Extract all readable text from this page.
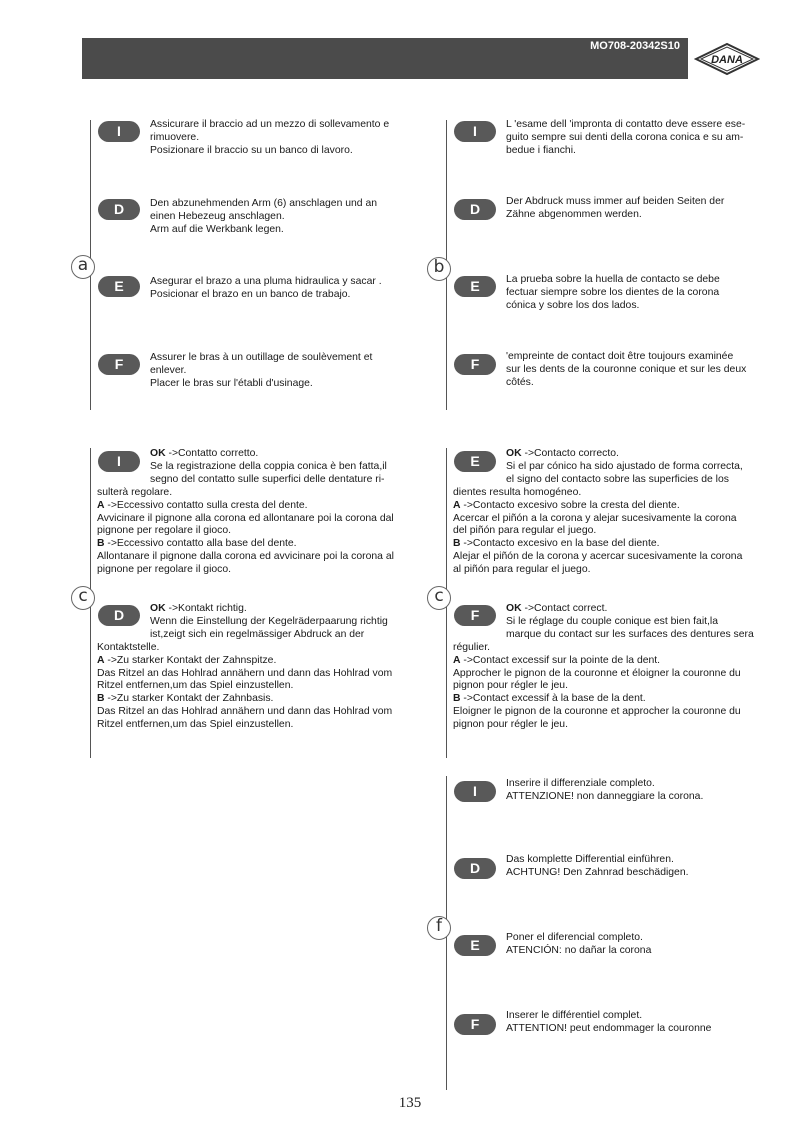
MO708-20342S10
DANA
a	b
c	c
f
I	Assicurare il braccio ad un mezzo di sollevamento e

rimuovere.

Posizionare il braccio su un banco di lavoro.

D	Den abzunehmenden Arm (6) anschlagen und an

einen Hebezeug anschlagen.

Arm auf die Werkbank legen.

E	Asegurar el brazo a una pluma hidraulica y sacar .

Posicionar el brazo en un banco de trabajo.

F	Assurer le bras à un outillage de soulèvement et

enlever.

Placer le bras sur l'établi d'usinage.

I	L 'esame dell 'impronta di contatto deve essere ese-

guito sempre sui denti della corona conica e su am-

bedue i fianchi.

D	Der Abdruck muss immer auf beiden Seiten der

Zähne abgenommen werden.

E	La prueba sobre la huella de contacto se debe

fectuar siempre sobre los dientes de la corona

cónica y sobre los dos lados.

F	'empreinte de contact doit être toujours examinée

sur les dents de la couronne conique et sur les deux

côtés.

I	OK ->Contatto corretto.

Se la registrazione della coppia conica è ben fatta,il

segno del contatto sulle superfici delle dentature ri-

sulterà regolare.

A ->Eccessivo contatto sulla cresta del dente.

Avvicinare il pignone alla corona ed allontanare poi la corona dal

pignone per regolare il gioco.

B ->Eccessivo contatto alla base del dente.

Allontanare il pignone dalla corona ed avvicinare poi la corona al

pignone per regolare il gioco.

D	OK ->Kontakt richtig.

Wenn die Einstellung der Kegelräderpaarung richtig

ist,zeigt sich ein regelmässiger Abdruck an der

Kontaktstelle.

A ->Zu starker Kontakt der Zahnspitze.

Das Ritzel an das Hohlrad annähern und dann das Hohlrad vom

Ritzel entfernen,um das Spiel einzustellen.

B ->Zu starker Kontakt der Zahnbasis.

Das Ritzel an das Hohlrad annähern und dann das Hohlrad vom

Ritzel entfernen,um das Spiel einzustellen.

E	OK ->Contacto correcto.

Si el par cónico ha sido ajustado de forma correcta,

el signo del contacto sobre las superficies de los

dientes resulta homogéneo.

A ->Contacto excesivo sobre la cresta del diente.

Acercar el piñón a la corona y alejar sucesivamente la corona

del piñón para regular el juego.

B ->Contacto excesivo en la base del diente.

Alejar el piñón de la corona y acercar sucesivamente la corona

al piñón para regular el juego.

F	OK ->Contact correct.

Si le réglage du couple conique est bien fait,la

marque du contact sur les surfaces des dentures sera

régulier.

A ->Contact excessif sur la pointe de la dent.

Approcher le pignon de la couronne et éloigner la couronne du

pignon pour régler le jeu.

B ->Contact excessif à la base de la dent.

Eloigner le pignon de la couronne et approcher la couronne du

pignon pour régler le jeu.

I	Inserire il differenziale completo.

ATTENZIONE! non danneggiare la corona.

D

Das komplette Differential einführen.

ACHTUNG! Den Zahnrad beschädigen.

E	Poner el diferencial completo.

ATENCIÓN: no dañar la corona

F

Inserer le différentiel complet.

ATTENTION! peut endommager la couronne

135
